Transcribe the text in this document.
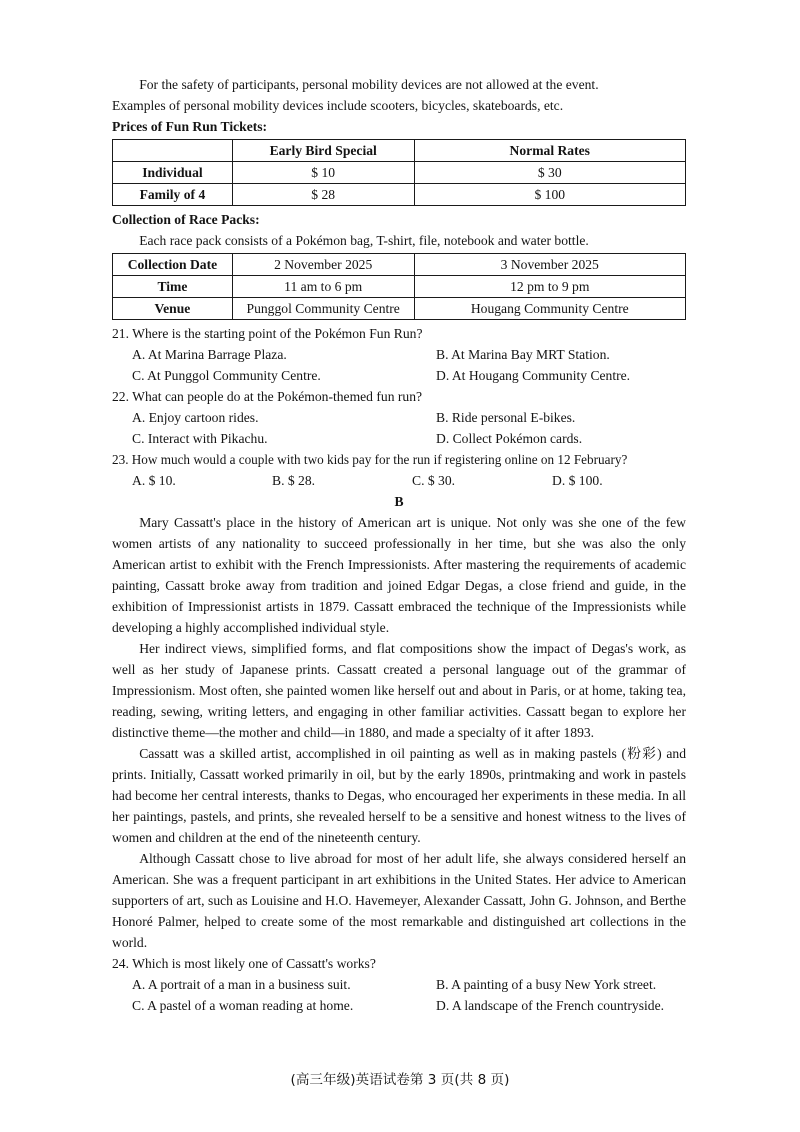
For the safety of participants, personal mobility devices are not allowed at the event.

Examples of personal mobility devices include scooters, bicycles, skateboards, etc.

Prices of Fun Run Tickets:

	Early Bird Special	Normal Rates
Individual	$ 10	$ 30
Family of 4	$ 28	$ 100

Collection of Race Packs:

Each race pack consists of a Pokémon bag, T-shirt, file, notebook and water bottle.

Collection Date	2 November 2025	3 November 2025
Time	11 am to 6 pm	12 pm to 9 pm
Venue	Punggol Community Centre	Hougang Community Centre

21. Where is the starting point of the Pokémon Fun Run?

A. At Marina Barrage Plaza.	B. At Marina Bay MRT Station.
C. At Punggol Community Centre.	D. At Hougang Community Centre.

22. What can people do at the Pokémon-themed fun run?

A. Enjoy cartoon rides.	B. Ride personal E-bikes.
C. Interact with Pikachu.	D. Collect Pokémon cards.

23. How much would a couple with two kids pay for the run if registering online on 12 February?

A. $ 10.	B. $ 28.	C. $ 30.	D. $ 100.

B

Mary Cassatt's place in the history of American art is unique. Not only was she one of the few women artists of any nationality to succeed professionally in her time, but she was also the only American artist to exhibit with the French Impressionists. After mastering the requirements of academic painting, Cassatt broke away from tradition and joined Edgar Degas, a close friend and guide, in the exhibition of Impressionist artists in 1879. Cassatt embraced the technique of the Impressionists while developing a highly accomplished individual style.

Her indirect views, simplified forms, and flat compositions show the impact of Degas's work, as well as her study of Japanese prints. Cassatt created a personal language out of the grammar of Impressionism. Most often, she painted women like herself out and about in Paris, or at home, taking tea, reading, sewing, writing letters, and engaging in other familiar activities. Cassatt began to explore her distinctive theme—the mother and child—in 1880, and made a specialty of it after 1893.

Cassatt was a skilled artist, accomplished in oil painting as well as in making pastels (粉彩) and prints. Initially, Cassatt worked primarily in oil, but by the early 1890s, printmaking and work in pastels had become her central interests, thanks to Degas, who encouraged her experiments in these media. In all her paintings, pastels, and prints, she revealed herself to be a sensitive and honest witness to the lives of women and children at the end of the nineteenth century.

Although Cassatt chose to live abroad for most of her adult life, she always considered herself an American. She was a frequent participant in art exhibitions in the United States. Her advice to American supporters of art, such as Louisine and H.O. Havemeyer, Alexander Cassatt, John G. Johnson, and Berthe Honoré Palmer, helped to create some of the most remarkable and distinguished art collections in the world.

24. Which is most likely one of Cassatt's works?

A. A portrait of a man in a business suit.	B. A painting of a busy New York street.
C. A pastel of a woman reading at home.	D. A landscape of the French countryside.
(高三年级)英语试卷第 3 页(共 8 页)
